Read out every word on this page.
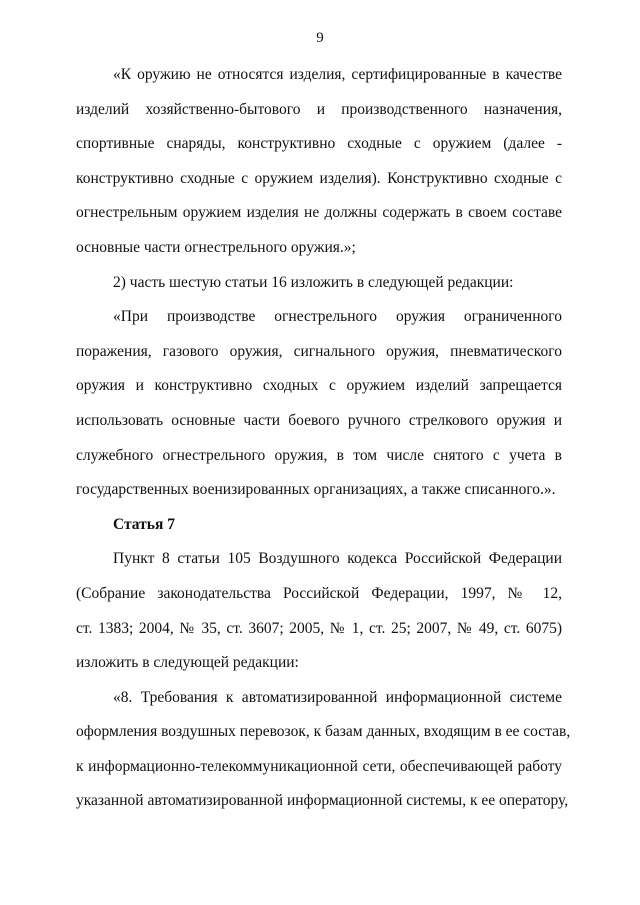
9

«К оружию не относятся изделия, сертифицированные в качестве
изделий хозяйственно-бытового и производственного назначения,
спортивные снаряды, конструктивно сходные с оружием (далее -
конструктивно сходные с оружием изделия). Конструктивно сходные с
огнестрельным оружием изделия не должны содержать в своем составе
основные части огнестрельного оружия.»;

2) часть шестую статьи 16 изложить в следующей редакции:

«При производстве огнестрельного оружия ограниченного
поражения, газового оружия, сигнального оружия, пневматического
оружия и конструктивно сходных с оружием изделий запрещается
использовать основные части боевого ручного стрелкового оружия и
служебного огнестрельного оружия, в том числе снятого с учета в
государственных военизированных организациях, а также списанного.».

Статья 7

Пункт 8 статьи 105 Воздушного кодекса Российской Федерации
(Собрание законодательства Российской Федерации, 1997, № 12,
ст. 1383; 2004, № 35, ст. 3607; 2005, № 1, ст. 25; 2007, № 49, ст. 6075)
изложить в следующей редакции:

«8. Требования к автоматизированной информационной системе
оформления воздушных перевозок, к базам данных, входящим в ее состав,
к информационно-телекоммуникационной сети, обеспечивающей работу
указанной автоматизированной информационной системы, к ее оператору,
